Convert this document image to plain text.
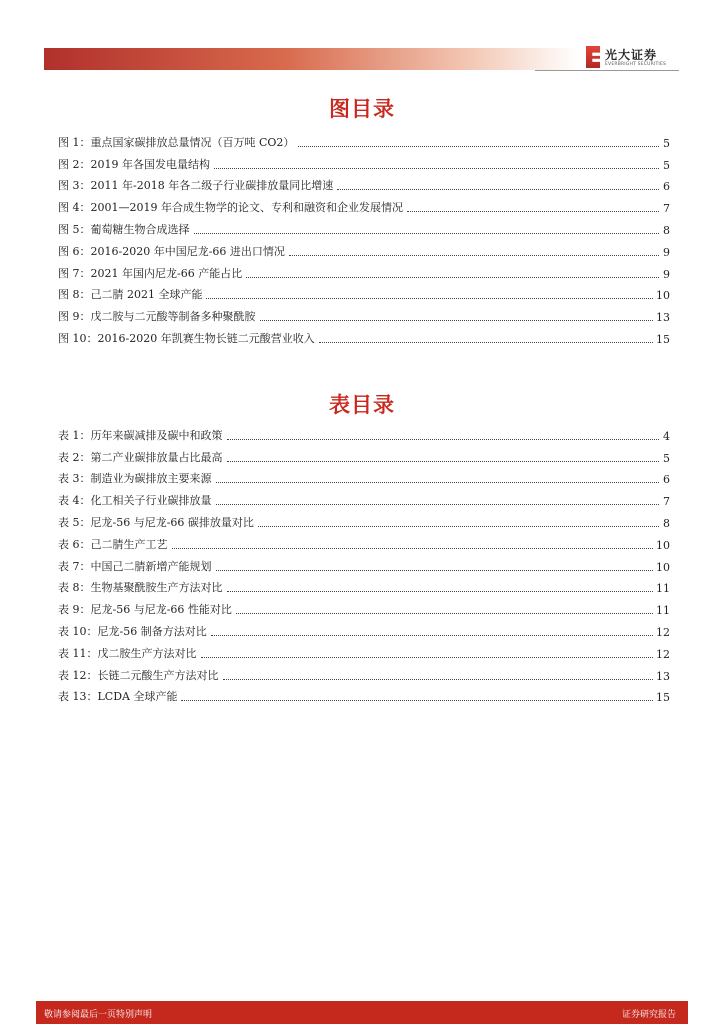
光大证券
EVERBRIGHT SECURITIES
图目录
图 1：重点国家碳排放总量情况（百万吨 CO2）	5
图 2：2019 年各国发电量结构	5
图 3：2011 年-2018 年各二级子行业碳排放量同比增速	6
图 4：2001—2019 年合成生物学的论文、专利和融资和企业发展情况	7
图 5：葡萄糖生物合成选择	8
图 6：2016-2020 年中国尼龙-66 进出口情况	9
图 7：2021 年国内尼龙-66 产能占比	9
图 8：己二腈 2021 全球产能	10
图 9：戊二胺与二元酸等制备多种聚酰胺	13
图 10：2016-2020 年凯赛生物长链二元酸营业收入	15
表目录
表 1：历年来碳减排及碳中和政策	4
表 2：第二产业碳排放量占比最高	5
表 3：制造业为碳排放主要来源	6
表 4：化工相关子行业碳排放量	7
表 5：尼龙-56 与尼龙-66 碳排放量对比	8
表 6：己二腈生产工艺	10
表 7：中国己二腈新增产能规划	10
表 8：生物基聚酰胺生产方法对比	11
表 9：尼龙-56 与尼龙-66 性能对比	11
表 10：尼龙-56 制备方法对比	12
表 11：戊二胺生产方法对比	12
表 12：长链二元酸生产方法对比	13
表 13：LCDA 全球产能	15
敬请参阅最后一页特别声明	证券研究报告
